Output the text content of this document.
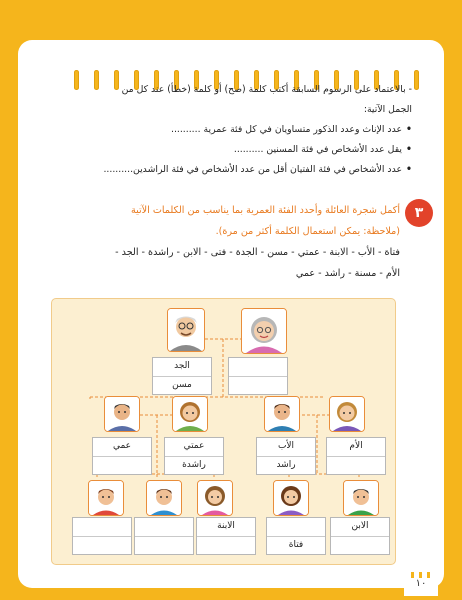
- بالاعتماد على الرسوم السابقة أكتب كلمة (صح) أو كلمة (خطأ) عند كل من
الجمل الآتية:
•عدد الإناث وعدد الذكور متساويان في كل فئة عمرية ..........
•يقل عدد الأشخاص في فئة المسنين ..........
•عدد الأشخاص في فئة الفتيان أقل من عدد الأشخاص في فئة الراشدين..........
٣
أكمل شجرة العائلة وأحدد الفئة العمرية بما يناسب من الكلمات الآتية
(ملاحظة: يمكن استعمال الكلمة أكثر من مرة).
فتاة - الأب - الابنة - عمتي - مسن - الجدة - فتى - الابن - راشدة - الجد -
الأم - مسنة - راشد - عمي
الجد
مسن
عمي	عمتي
راشدة
الأب
راشد
الأم
الابنة
فتاة
الابن
١٠
